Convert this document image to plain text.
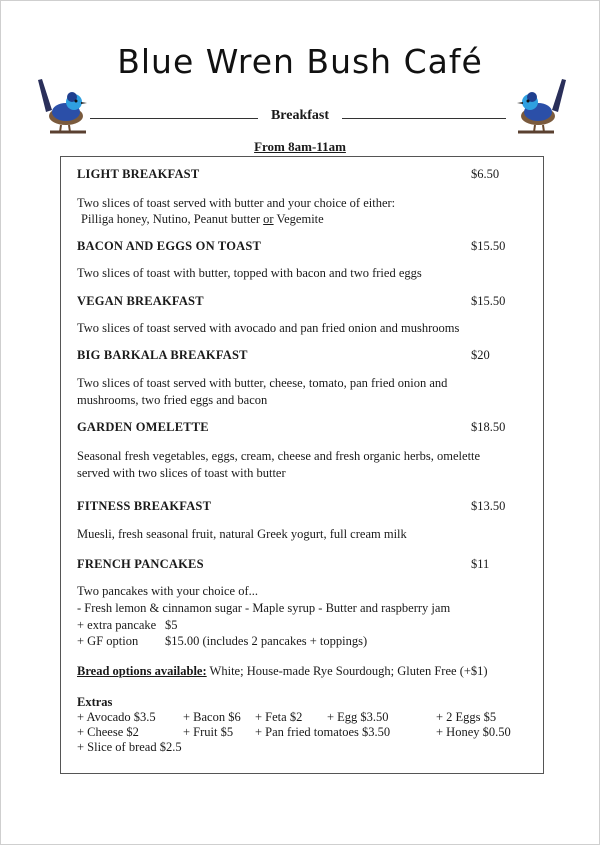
Blue Wren Bush Café
Breakfast
From 8am-11am
LIGHT BREAKFAST	$6.50
Two slices of toast served with butter and your choice of either:
Pilliga honey, Nutino, Peanut butter or Vegemite
BACON AND EGGS ON TOAST	$15.50
Two slices of toast with butter, topped with bacon and two fried eggs
VEGAN BREAKFAST	$15.50
Two slices of toast served with avocado and pan fried onion and mushrooms
BIG BARKALA BREAKFAST	$20
Two slices of toast served with butter, cheese, tomato, pan fried onion and mushrooms, two fried eggs and bacon
GARDEN OMELETTE	$18.50
Seasonal fresh vegetables, eggs, cream, cheese and fresh organic herbs, omelette served with two slices of toast with butter
FITNESS BREAKFAST	$13.50
Muesli, fresh seasonal fruit, natural Greek yogurt, full cream milk
FRENCH PANCAKES	$11
Two pancakes with your choice of...
- Fresh lemon & cinnamon sugar - Maple syrup - Butter and raspberry jam
+ extra pancake $5
+ GF option $15.00 (includes 2 pancakes + toppings)
Bread options available: White; House-made Rye Sourdough; Gluten Free (+$1)
Extras
+ Avocado $3.5 + Bacon $6 + Feta $2 + Egg $3.50	+ 2 Eggs $5
+ Cheese $2	+ Fruit $5 + Pan fried tomatoes $3.50	+ Honey $0.50
+ Slice of bread $2.5
